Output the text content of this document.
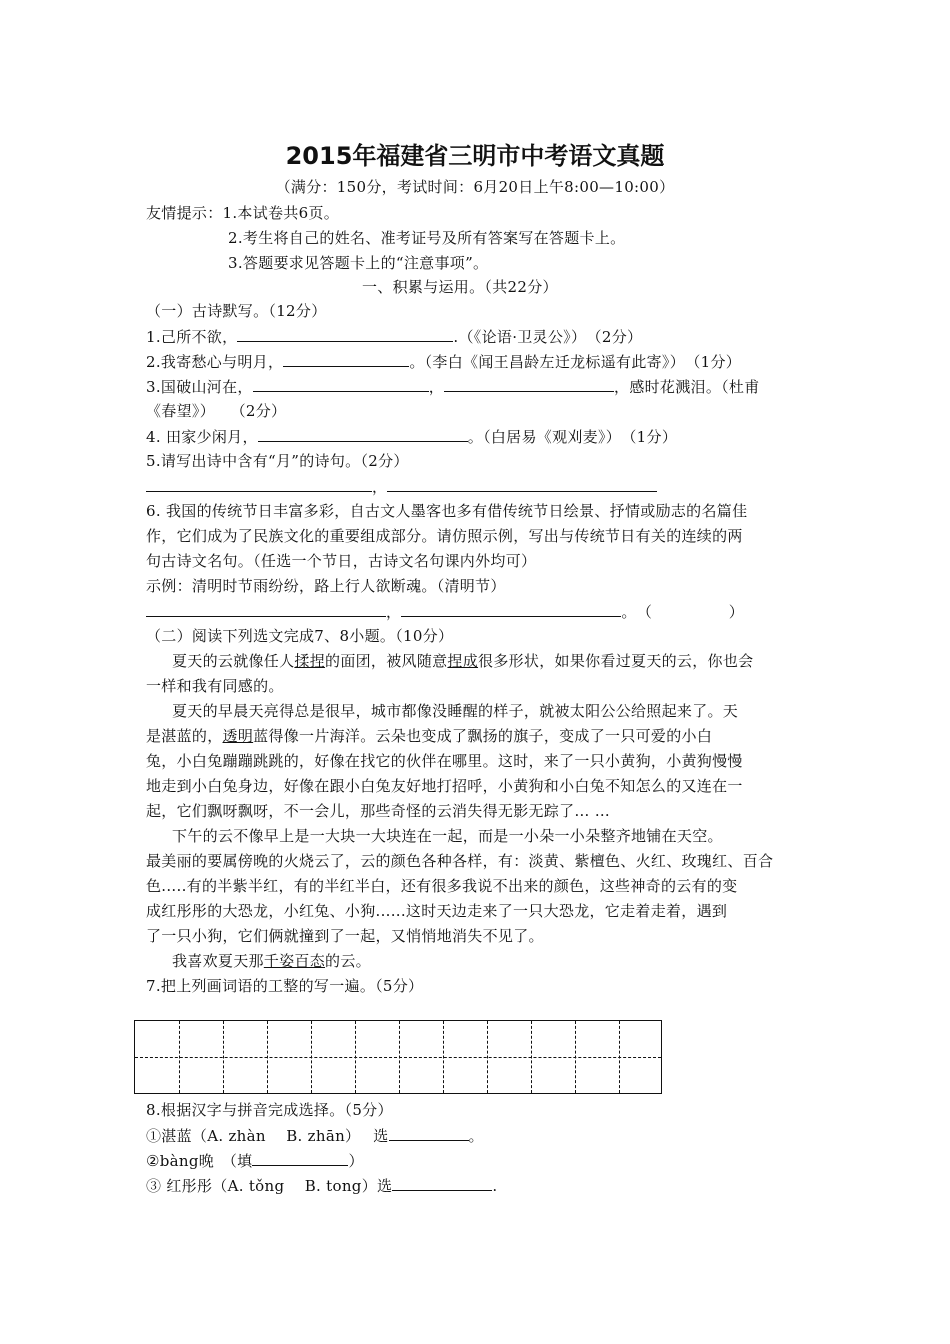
2015年福建省三明市中考语文真题
（满分：150分，考试时间：6月20日上午8:00—10:00）
友情提示：1.本试卷共6页。
2.考生将自己的姓名、准考证号及所有答案写在答题卡上。
3.答题要求见答题卡上的“注意事项”。
一、积累与运用。（共22分）
（一）古诗默写。（12分）
1.己所不欲，	.（《论语·卫灵公》）　（2分）
2.我寄愁心与明月，	。（李白《闻王昌龄左迁龙标遥有此寄》）　（1分）
3.国破山河在，	，	，感时花溅泪。（杜甫
《春望》）　　（2分）
4. 田家少闲月，	。（白居易《观刈麦》）　（1分）
5.请写出诗中含有“月”的诗句。（2分）
，
6. 我国的传统节日丰富多彩，自古文人墨客也多有借传统节日绘景、抒情或励志的名篇佳
作，它们成为了民族文化的重要组成部分。请仿照示例，写出与传统节日有关的连续的两
句古诗文名句。（任选一个节日，古诗文名句课内外均可）
示例：清明时节雨纷纷，路上行人欲断魂。（清明节）
，	。　（　　　　　）
（二）阅读下列选文完成7、8小题。（10分）
夏天的云就像任人揉捏的面团，被风随意捏成很多形状，如果你看过夏天的云，你也会
一样和我有同感的。
夏天的早晨天亮得总是很早，城市都像没睡醒的样子，就被太阳公公给照起来了。天
是湛蓝的，透明蓝得像一片海洋。云朵也变成了飘扬的旗子，变成了一只可爱的小白
兔，小白兔蹦蹦跳跳的，好像在找它的伙伴在哪里。这时，来了一只小黄狗，小黄狗慢慢
地走到小白兔身边，好像在跟小白兔友好地打招呼，小黄狗和小白兔不知怎么的又连在一
起，它们飘呀飘呀，不一会儿，那些奇怪的云消失得无影无踪了… …
下午的云不像早上是一大块一大块连在一起，而是一小朵一小朵整齐地铺在天空。
最美丽的要属傍晚的火烧云了，云的颜色各种各样，有：淡黄、紫檀色、火红、玫瑰红、百合
色.....有的半紫半红，有的半红半白，还有很多我说不出来的颜色，这些神奇的云有的变
成红彤彤的大恐龙，小红兔、小狗......这时天边走来了一只大恐龙，它走着走着，遇到
了一只小狗，它们俩就撞到了一起，又悄悄地消失不见了。
我喜欢夏天那千姿百态的云。
7.把上列画词语的工整的写一遍。（5分）
8.根据汉字与拼音完成选择。（5分）
①湛蓝（A. zhàn　 B. zhān）　 选	。
②bàng晚　（填	）
③ 红彤彤（A. tǒng　 B. tong）选	.
